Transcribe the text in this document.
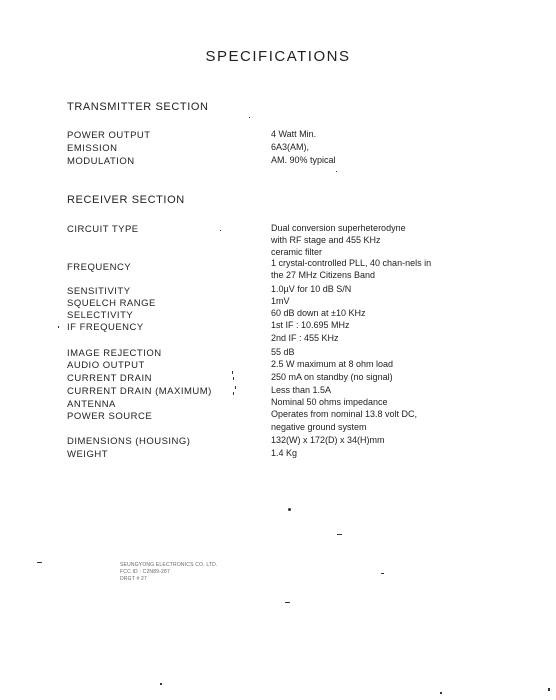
SPECIFICATIONS
TRANSMITTER SECTION
POWER OUTPUT
EMISSION
MODULATION
4 Watt Min.
6A3(AM),
AM. 90% typical
RECEIVER SECTION
CIRCUIT TYPE
FREQUENCY
SENSITIVITY
SQUELCH RANGE
SELECTIVITY
IF FREQUENCY
IMAGE REJECTION
AUDIO OUTPUT
CURRENT DRAIN
CURRENT DRAIN (MAXIMUM)
ANTENNA
POWER SOURCE
DIMENSIONS (HOUSING)
WEIGHT
Dual conversion superheterodyne
with RF stage and 455 KHz
ceramic filter
1 crystal-controlled PLL, 40 chan-nels in
the 27 MHz Citizens Band
1.0µV for 10 dB S/N
1mV
60 dB down at ±10 KHz
1st IF : 10.695 MHz
2nd IF : 455 KHz
55 dB
2.5 W maximum at 8 ohm load
250 mA on standby (no signal)
Less than 1.5A
Nominal 50 ohms impedance
Operates from nominal 13.8 volt DC,
negative ground system
132(W) x 172(D) x 34(H)mm
1.4 Kg
SEUNGYONG ELECTRONICS CO. LTD.
FCC ID : C2N89-287
DRGT # 27
